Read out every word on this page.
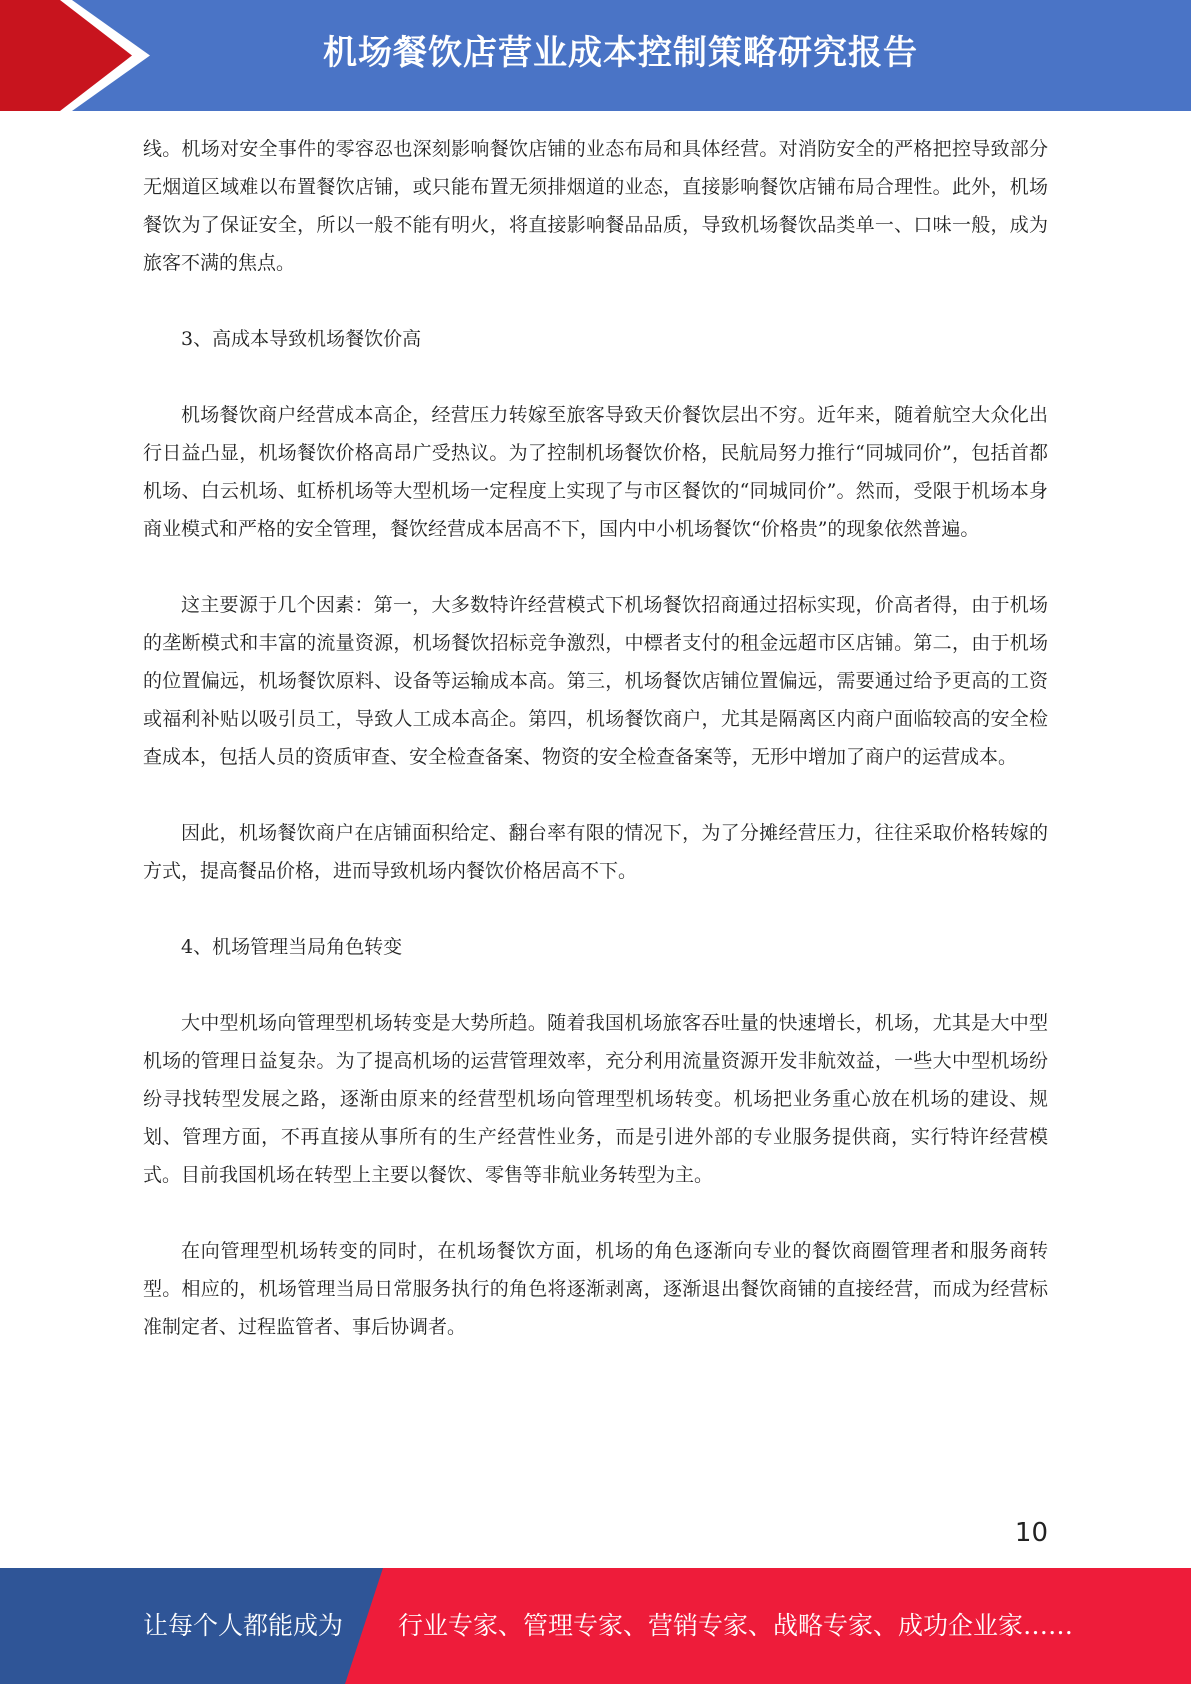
机场餐饮店营业成本控制策略研究报告

线。机场对安全事件的零容忍也深刻影响餐饮店铺的业态布局和具体经营。对消防安全的严格把控导致部分无烟道区域难以布置餐饮店铺，或只能布置无须排烟道的业态，直接影响餐饮店铺布局合理性。此外，机场餐饮为了保证安全，所以一般不能有明火，将直接影响餐品品质，导致机场餐饮品类单一、口味一般，成为旅客不满的焦点。

3、高成本导致机场餐饮价高

机场餐饮商户经营成本高企，经营压力转嫁至旅客导致天价餐饮层出不穷。近年来，随着航空大众化出行日益凸显，机场餐饮价格高昂广受热议。为了控制机场餐饮价格，民航局努力推行“同城同价”，包括首都机场、白云机场、虹桥机场等大型机场一定程度上实现了与市区餐饮的“同城同价”。然而，受限于机场本身商业模式和严格的安全管理，餐饮经营成本居高不下，国内中小机场餐饮“价格贵”的现象依然普遍。

这主要源于几个因素：第一，大多数特许经营模式下机场餐饮招商通过招标实现，价高者得，由于机场的垄断模式和丰富的流量资源，机场餐饮招标竞争激烈，中標者支付的租金远超市区店铺。第二，由于机场的位置偏远，机场餐饮原料、设备等运输成本高。第三，机场餐饮店铺位置偏远，需要通过给予更高的工资或福利补贴以吸引员工，导致人工成本高企。第四，机场餐饮商户，尤其是隔离区内商户面临较高的安全检查成本，包括人员的资质审查、安全检查备案、物资的安全检查备案等，无形中增加了商户的运营成本。

因此，机场餐饮商户在店铺面积给定、翻台率有限的情况下，为了分摊经营压力，往往采取价格转嫁的方式，提高餐品价格，进而导致机场内餐饮价格居高不下。

4、机场管理当局角色转变

大中型机场向管理型机场转变是大势所趋。随着我国机场旅客吞吐量的快速增长，机场，尤其是大中型机场的管理日益复杂。为了提高机场的运营管理效率，充分利用流量资源开发非航效益，一些大中型机场纷纷寻找转型发展之路，逐渐由原来的经营型机场向管理型机场转变。机场把业务重心放在机场的建设、规划、管理方面，不再直接从事所有的生产经营性业务，而是引进外部的专业服务提供商，实行特许经营模式。目前我国机场在转型上主要以餐饮、零售等非航业务转型为主。

在向管理型机场转变的同时，在机场餐饮方面，机场的角色逐渐向专业的餐饮商圈管理者和服务商转型。相应的，机场管理当局日常服务执行的角色将逐渐剥离，逐渐退出餐饮商铺的直接经营，而成为经营标准制定者、过程监管者、事后协调者。

10
让每个人都能成为 行业专家、管理专家、营销专家、战略专家、成功企业家……
